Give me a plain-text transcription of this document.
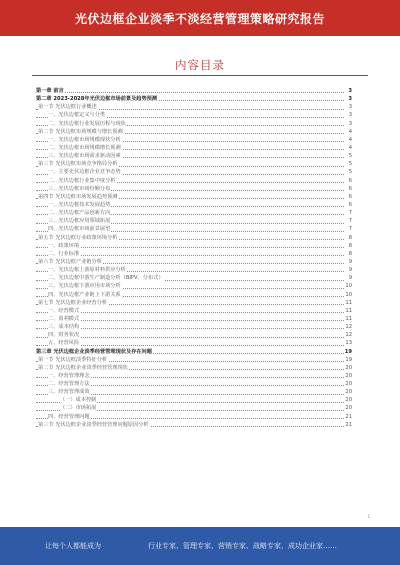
光伏边框企业淡季不淡经营管理策略研究报告
内容目录
第一章 前言	3
第二章 2023-2028年光伏边框市场前景及趋势预测	3
第一节 光伏边框行业概述	3
一、光伏边框定义与分类	3
二、光伏边框行业发展历程与现状	3
第二节 光伏边框市场规模与增长预测	4
一、光伏边框市场规模现状分析	4
二、光伏边框市场规模增长预测	4
三、光伏边框市场需求驱动因素	5
第三节 光伏边框市场竞争格局分析	5
一、主要光伏边框企业竞争态势	5
二、光伏边框行业集中度分析	6
三、光伏边框市场份额分布	6
第四节 光伏边框市场发展趋势预测	6
一、光伏边框技术发展趋势	6
二、光伏边框产品创新方向	7
三、光伏边框应用领域拓展	7
四、光伏边框市场前景展望	7
第五节 光伏边框行业政策环境分析	8
一、政策环境	8
二、行业标准	8
第六节 光伏边框产业链分析	9
一、光伏边框上游原材料供应分析	9
二、光伏边框中游生产制造分析（BIPV、分布式）	9
三、光伏边框下游应用市场分析	10
四、光伏边框产业链上下游关系	10
第七节 光伏边框企业经营分析	11
一、经营模式	11
二、盈利模式	11
三、成本结构	12
四、财务状况	12
五、经营风险	13
第三章 光伏边框企业淡季经营管理现状及存在问题	19
第一节 光伏边框淡季特征分析	19
第二节 光伏边框企业淡季经营管理现状	20
一、经营管理理念	20
二、经营管理方法	20
三、经营管理成效	20
（一）成本控制	20
（二）市场拓展	20
四、经营管理问题	21
第三节 光伏边框企业淡季经营管理问题原因分析	21
1
让每个人都能成为	行业专家、管理专家、营销专家、战略专家、成功企业家……
